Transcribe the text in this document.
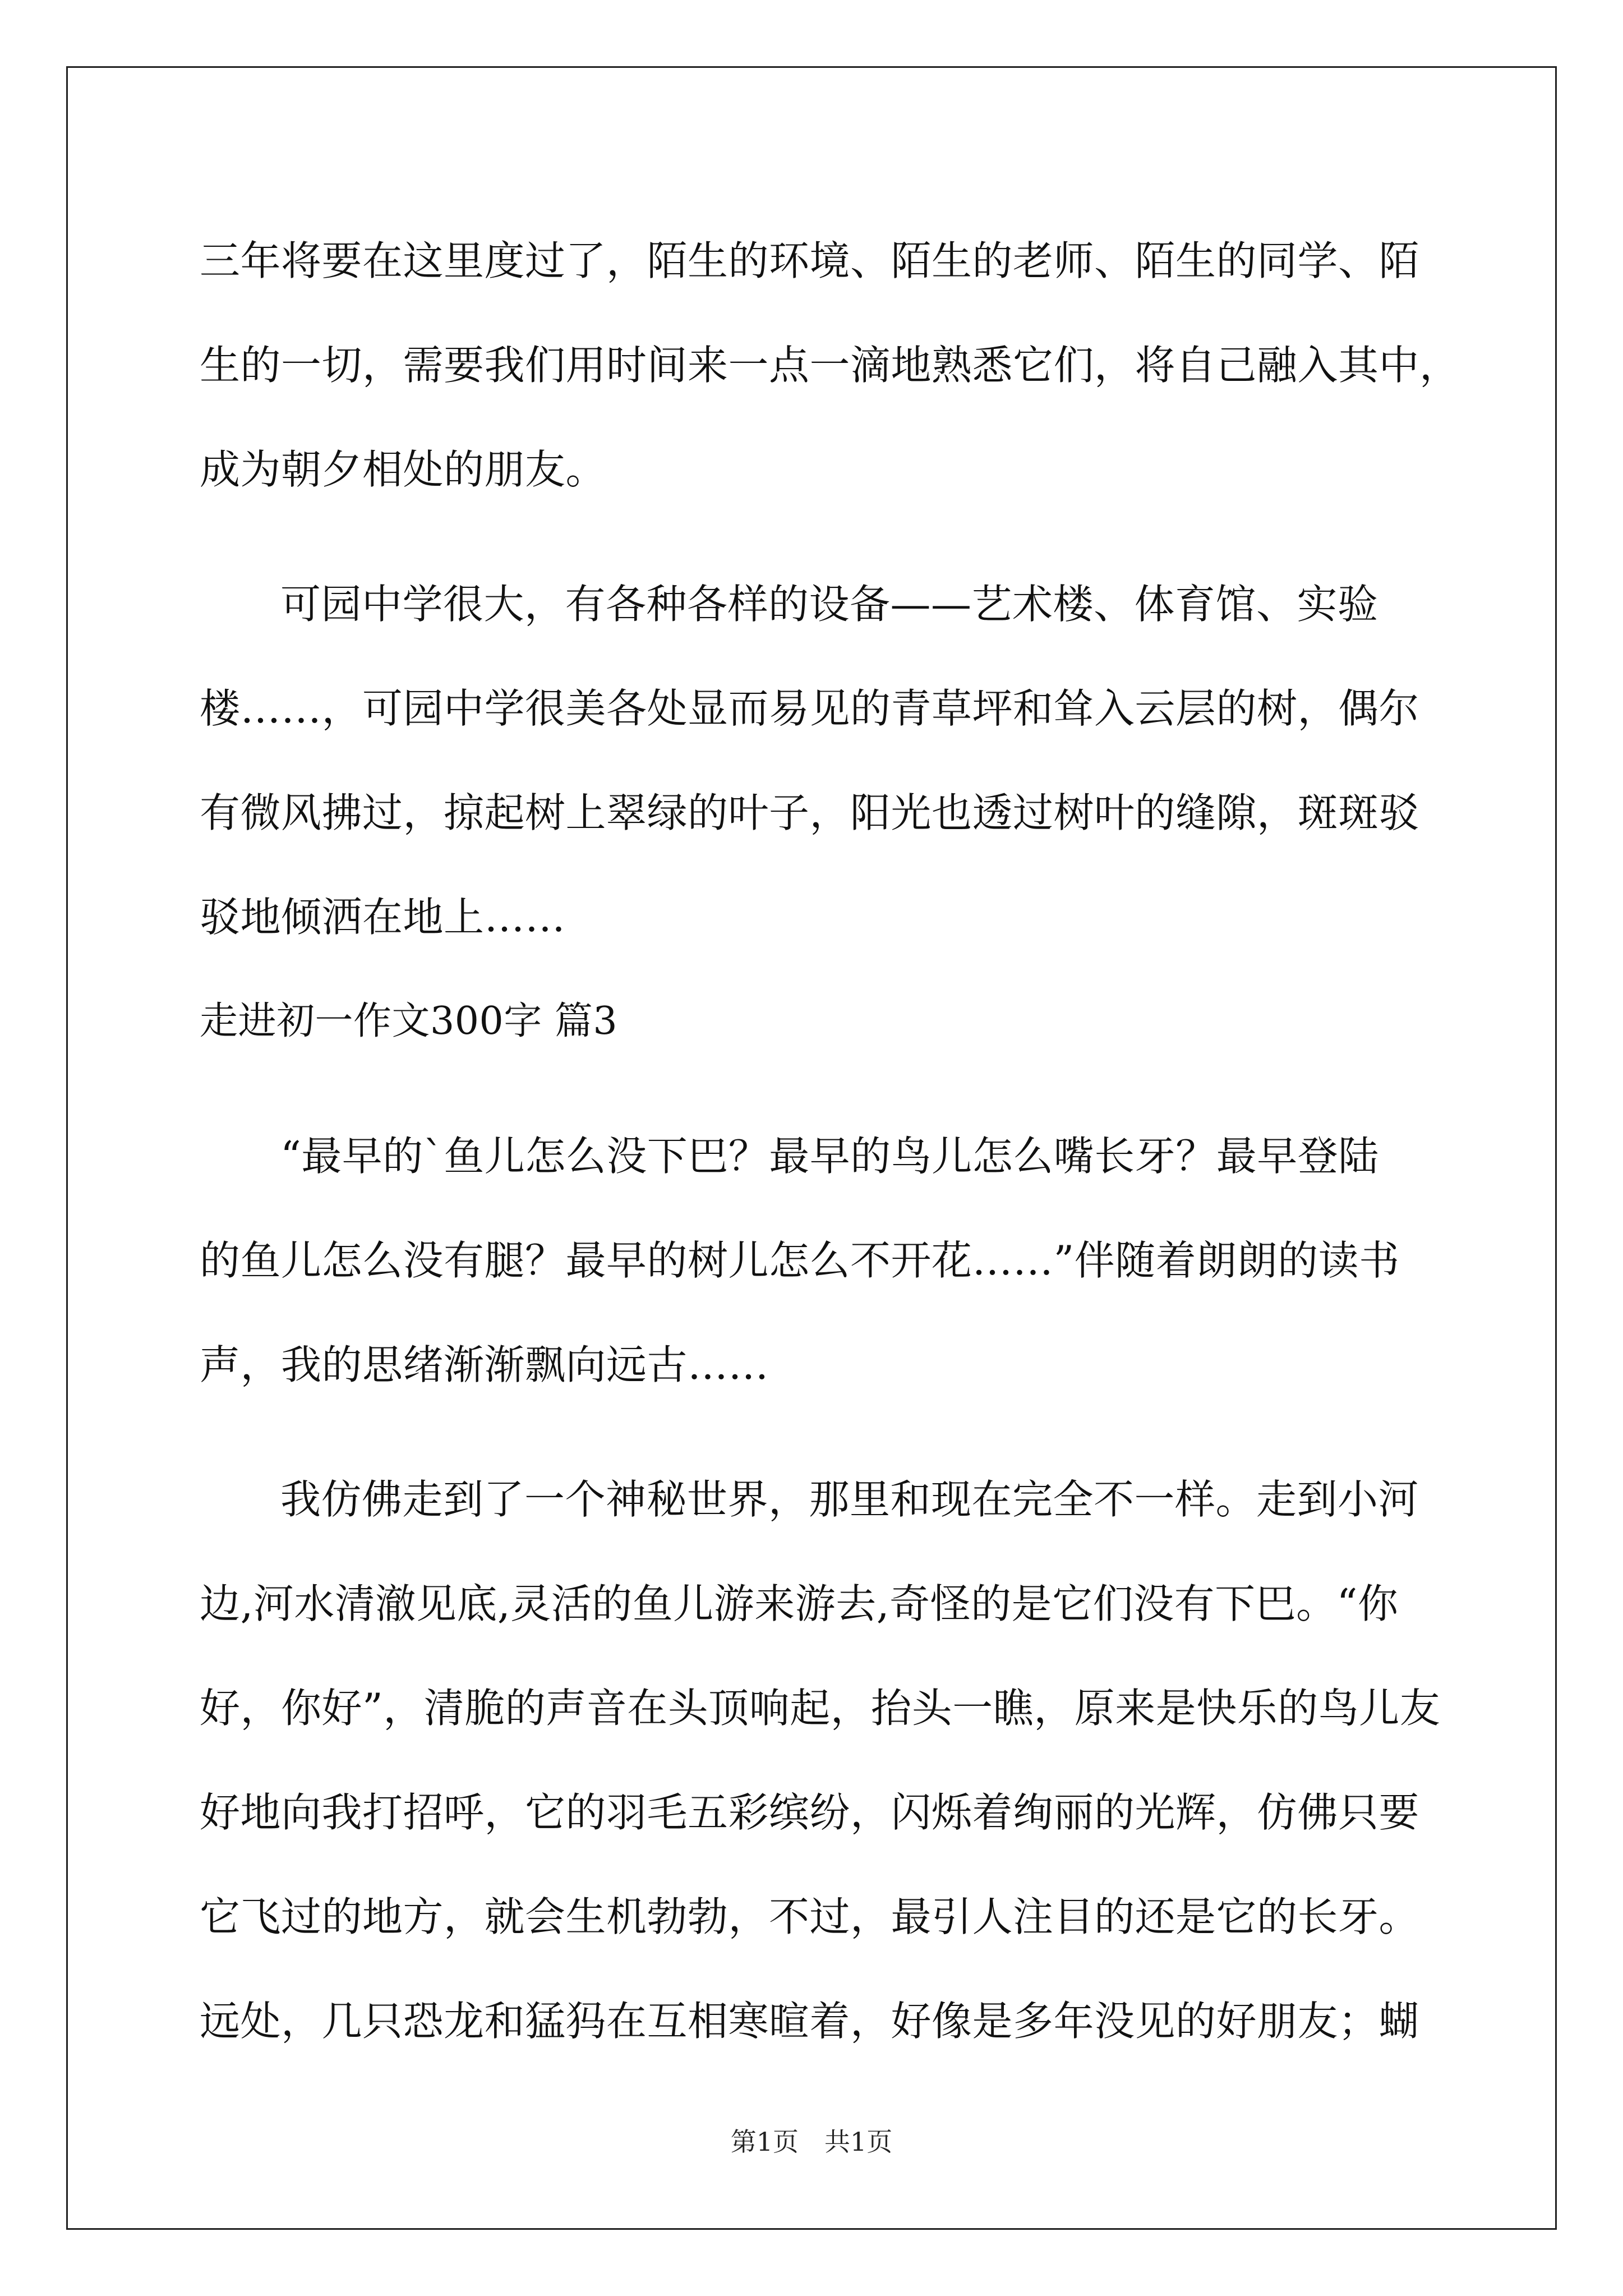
三年将要在这里度过了，陌生的环境、陌生的老师、陌生的同学、陌
生的一切，需要我们用时间来一点一滴地熟悉它们，将自己融入其中，
成为朝夕相处的朋友。
可园中学很大，有各种各样的设备——艺术楼、体育馆、实验
楼……，可园中学很美各处显而易见的青草坪和耸入云层的树，偶尔
有微风拂过，掠起树上翠绿的叶子，阳光也透过树叶的缝隙，斑斑驳
驳地倾洒在地上……
走进初一作文300字 篇3
“最早的`鱼儿怎么没下巴？最早的鸟儿怎么嘴长牙？最早登陆
的鱼儿怎么没有腿？最早的树儿怎么不开花……”伴随着朗朗的读书
声，我的思绪渐渐飘向远古……
我仿佛走到了一个神秘世界，那里和现在完全不一样。走到小河
边,河水清澈见底,灵活的鱼儿游来游去,奇怪的是它们没有下巴。“你
好，你好”，清脆的声音在头顶响起，抬头一瞧，原来是快乐的鸟儿友
好地向我打招呼，它的羽毛五彩缤纷，闪烁着绚丽的光辉，仿佛只要
它飞过的地方，就会生机勃勃，不过，最引人注目的还是它的长牙。
远处，几只恐龙和猛犸在互相寒暄着，好像是多年没见的好朋友；蝴
第1页　共1页
